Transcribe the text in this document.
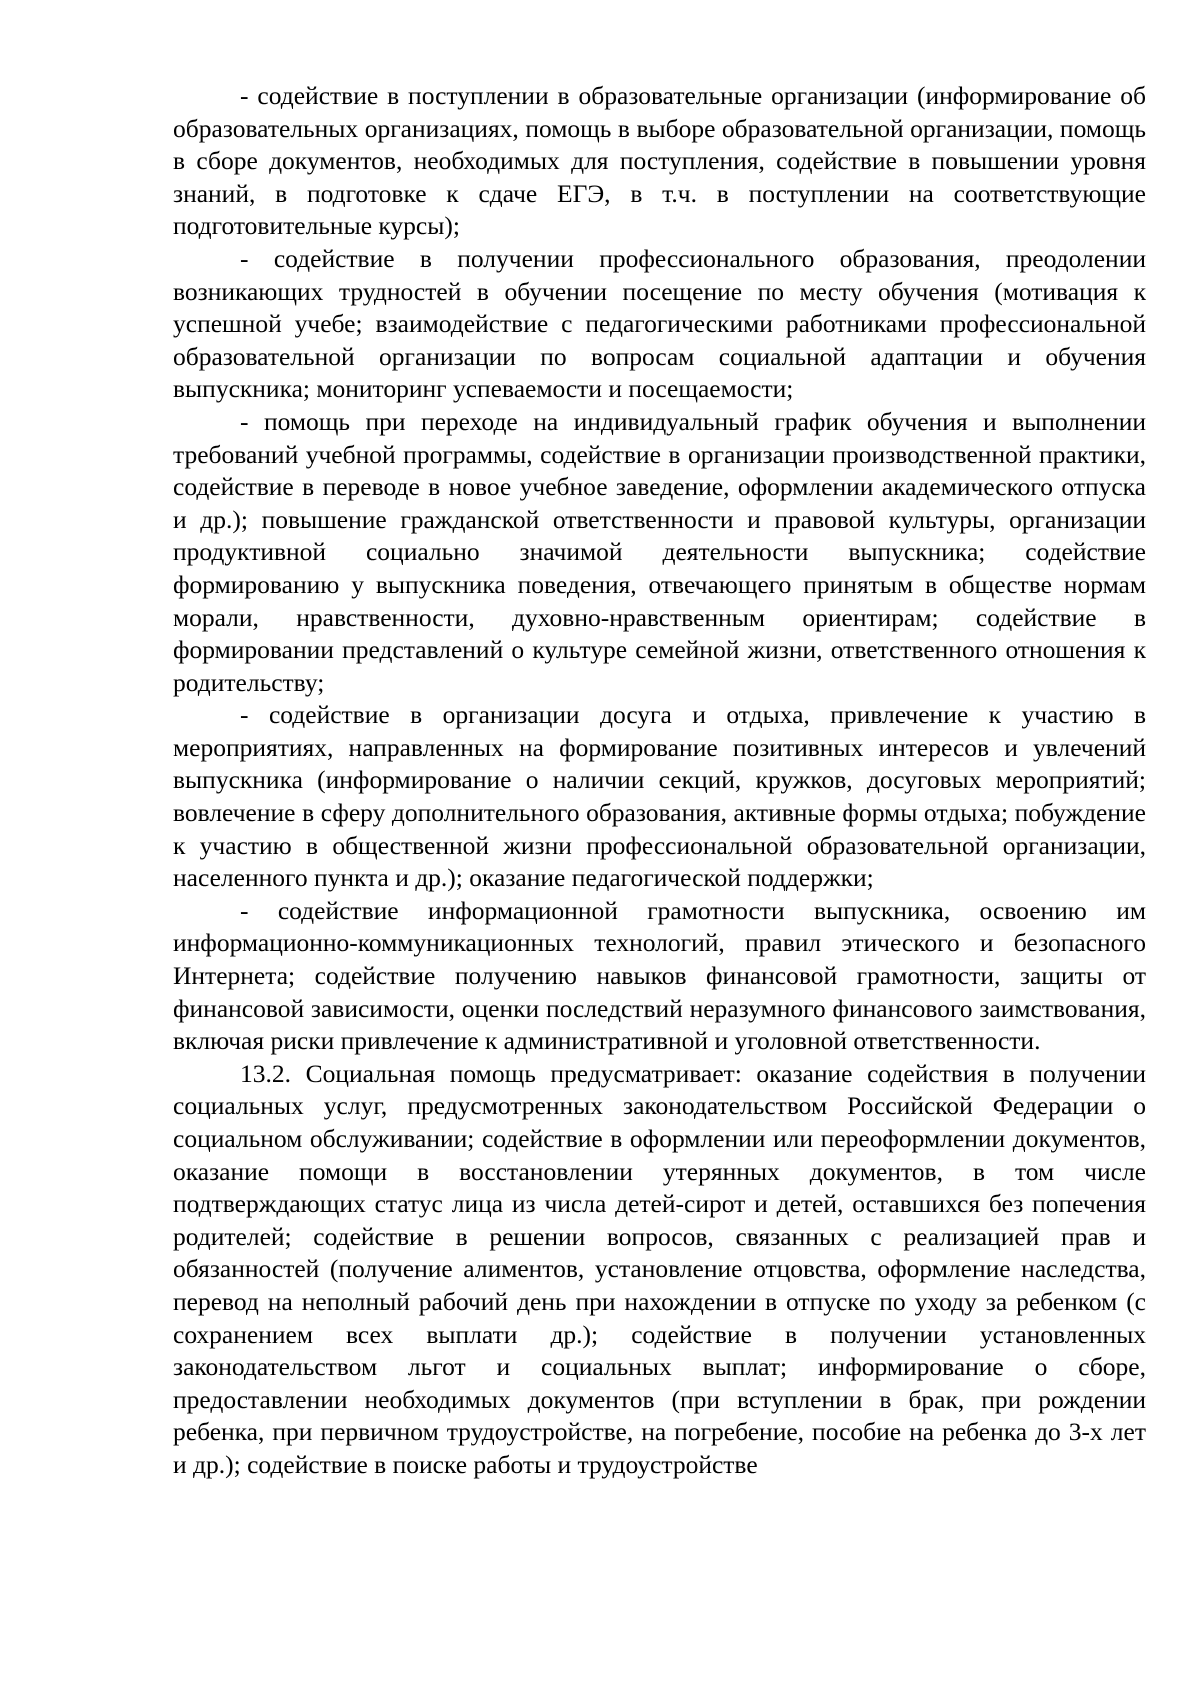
- содействие в поступлении в образовательные организации (информирование об образовательных организациях, помощь в выборе образовательной организации, помощь в сборе документов, необходимых для поступления, содействие в повышении уровня знаний, в подготовке к сдаче ЕГЭ, в т.ч. в поступлении на соответствующие подготовительные курсы);

- содействие в получении профессионального образования, преодолении возникающих трудностей в обучении посещение по месту обучения (мотивация к успешной учебе; взаимодействие с педагогическими работниками профессиональной образовательной организации по вопросам социальной адаптации и обучения выпускника; мониторинг успеваемости и посещаемости;

- помощь при переходе на индивидуальный график обучения и выполнении требований учебной программы, содействие в организации производственной практики, содействие в переводе в новое учебное заведение, оформлении академического отпуска и др.); повышение гражданской ответственности и правовой культуры, организации продуктивной социально значимой деятельности выпускника; содействие формированию у выпускника поведения, отвечающего принятым в обществе нормам морали, нравственности, духовно-нравственным ориентирам; содействие в формировании представлений о культуре семейной жизни, ответственного отношения к родительству;

- содействие в организации досуга и отдыха, привлечение к участию в мероприятиях, направленных на формирование позитивных интересов и увлечений выпускника (информирование о наличии секций, кружков, досуговых мероприятий; вовлечение в сферу дополнительного образования, активные формы отдыха; побуждение к участию в общественной жизни профессиональной образовательной организации, населенного пункта и др.); оказание педагогической поддержки;

- содействие информационной грамотности выпускника, освоению им информационно-коммуникационных технологий, правил этического и безопасного Интернета; содействие получению навыков финансовой грамотности, защиты от финансовой зависимости, оценки последствий неразумного финансового заимствования, включая риски привлечение к административной и уголовной ответственности.

13.2. Социальная помощь предусматривает: оказание содействия в получении социальных услуг, предусмотренных законодательством Российской Федерации о социальном обслуживании; содействие в оформлении или переоформлении документов, оказание помощи в восстановлении утерянных документов, в том числе подтверждающих статус лица из числа детей-сирот и детей, оставшихся без попечения родителей; содействие в решении вопросов, связанных с реализацией прав и обязанностей (получение алиментов, установление отцовства, оформление наследства, перевод на неполный рабочий день при нахождении в отпуске по уходу за ребенком (с сохранением всех выплати др.); содействие в получении установленных законодательством льгот и социальных выплат; информирование о сборе, предоставлении необходимых документов (при вступлении в брак, при рождении ребенка, при первичном трудоустройстве, на погребение, пособие на ребенка до 3-х лет и др.); содействие в поиске работы и трудоустройстве
